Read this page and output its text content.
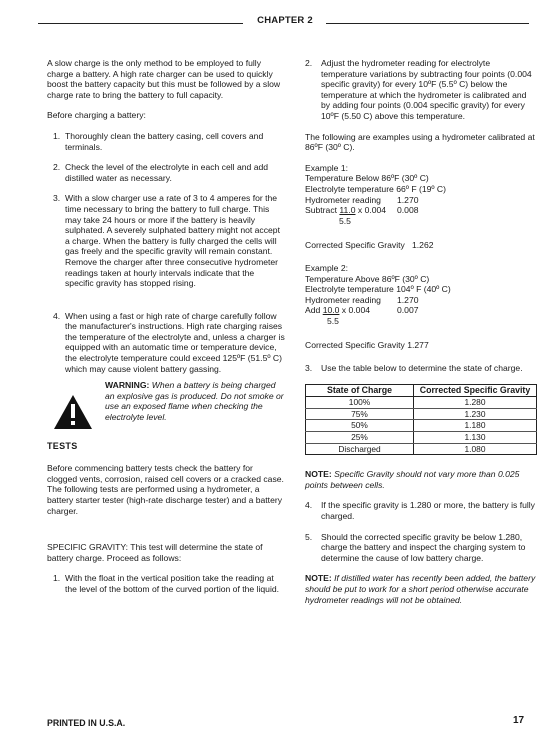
CHAPTER 2

A slow charge is the only method to be employed to fully charge a battery. A high rate charger can be used to quickly boost the battery capacity but this must be followed by a slow charge rate to bring the battery to full capacity.

Before charging a battery:

1. Thoroughly clean the battery casing, cell covers and terminals.
2. Check the level of the electrolyte in each cell and add distilled water as necessary.
3. With a slow charger use a rate of 3 to 4 amperes for the time necessary to bring the battery to full charge. This may take 24 hours or more if the battery is heavily sulphated. A severely sulphated battery might not accept a charge. When the battery is fully charged the cells will gas freely and the specific gravity will remain constant. Remove the charger after three consecutive hydrometer readings taken at hourly intervals indicate that the specific gravity has stopped rising.
4. When using a fast or high rate of charge carefully follow the manufacturer's instructions. High rate charging raises the temperature of the electrolyte and, unless a charger is equipped with an automatic time or temperature device, the electrolyte temperature could exceed 125ºF (51.5º C) which may cause violent battery gassing.
WARNING: When a battery is being charged an explosive gas is produced. Do not smoke or use an exposed flame when checking the electrolyte level.
TESTS

Before commencing battery tests check the battery for clogged vents, corrosion, raised cell covers or a cracked case. The following tests are performed using a hydrometer, a battery starter tester (high-rate discharge tester) and a battery charger.

SPECIFIC GRAVITY: This test will determine the state of battery charge. Proceed as follows:

1. With the float in the vertical position take the reading at the level of the bottom of the curved portion of the liquid.
2. Adjust the hydrometer reading for electrolyte temperature variations by subtracting four points (0.004 specific gravity) for every 10ºF (5.5º C) below the temperature at which the hydrometer is calibrated and by adding four points (0.004 specific gravity) for every 10ºF (5.50 C) above this temperature.

The following are examples using a hydrometer calibrated at 86ºF (30º C).

Example 1:
Temperature Below 86ºF (30º C)
Electrolyte temperature 66º F (19º C)
Hydrometer reading	1.270
Subtract 11.0 x 0.004	0.008
5.5
Corrected Specific Gravity 1.262
Example 2:
Temperature Above 86ºF (30º C)
Electrolyte temperature 104º F (40º C)
Hydrometer reading	1.270
Add 10.0 x 0.004	0.007
5.5
Corrected Specific Gravity 1.277
3. Use the table below to determine the state of charge.
State of Charge	Corrected Specific Gravity
100%	1.280
75%	1.230
50%	1.180
25%	1.130
Discharged	1.080

NOTE: Specific Gravity should not vary more than 0.025 points between cells.

4. If the specific gravity is 1.280 or more, the battery is fully charged.
5. Should the corrected specific gravity be below 1.280, charge the battery and inspect the charging system to determine the cause of low battery charge.

NOTE: If distilled water has recently been added, the battery should be put to work for a short period otherwise accurate hydrometer readings will not be obtained.

PRINTED IN U.S.A.	17
